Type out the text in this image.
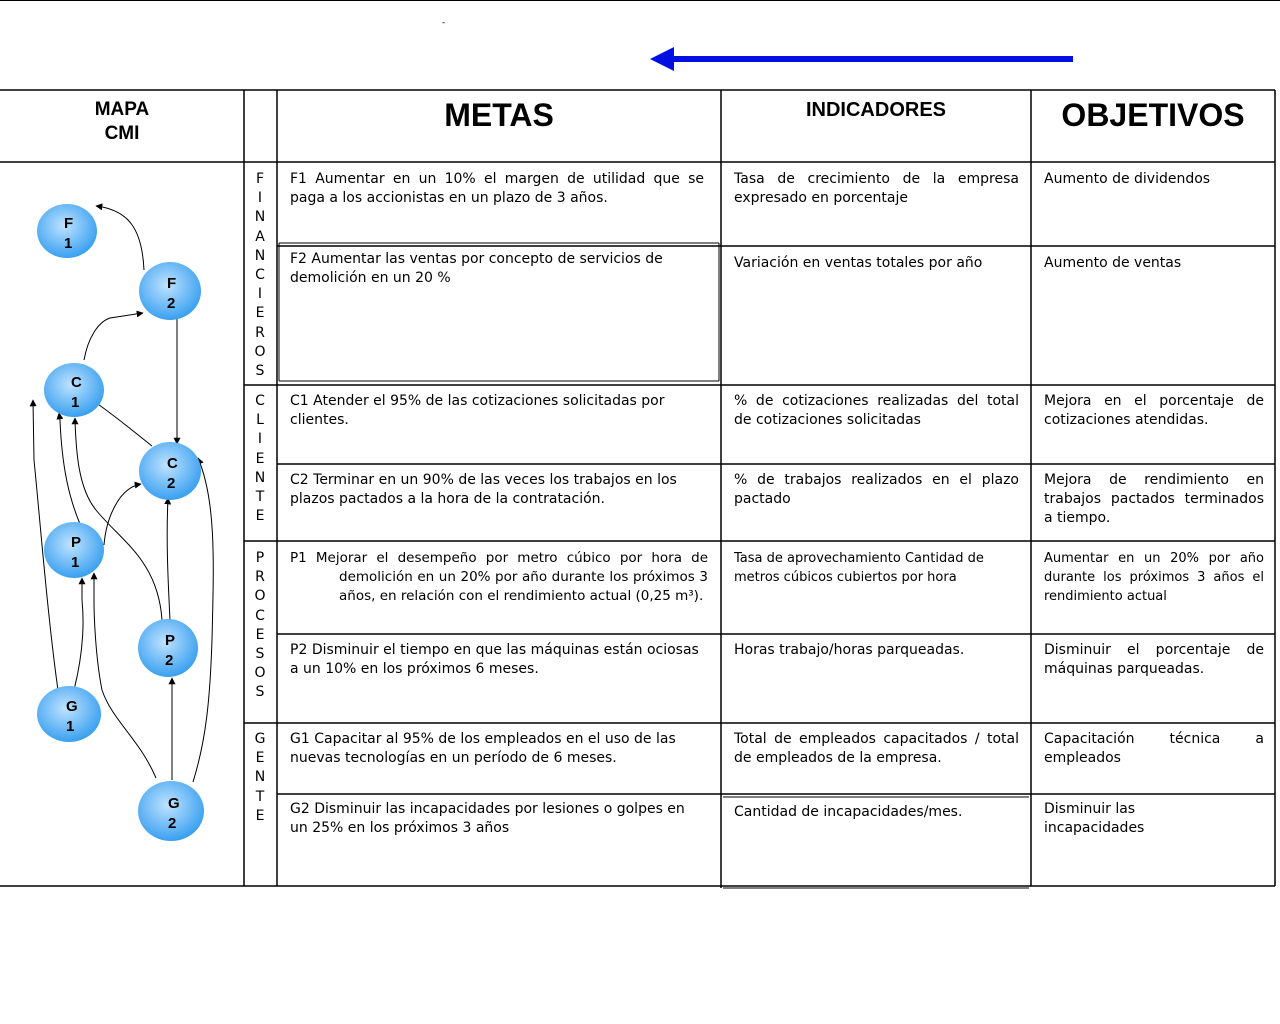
-
MAPA
CMI
METAS	INDICADORES	OBJETIVOS
F
I
N
A
N
C
I
E
R
O
S
C
L
I
E
N
T
E
P
R
O
C
E
S
O
S
G
E
N
T
E
F1 Aumentar en un 10% el margen de utilidad que se paga a los accionistas en un plazo de 3 años.
F2 Aumentar las ventas por concepto de servicios de demolición en un 20 %
C1 Atender el 95% de las cotizaciones solicitadas por clientes.
C2 Terminar en un 90% de las veces los trabajos en los plazos pactados a la hora de la contratación.
P1 Mejorar el desempeño por metro cúbico por hora de demolición en un 20% por año durante los próximos 3 años, en relación con el rendimiento actual (0,25 m³).
P2 Disminuir el tiempo en que las máquinas están ociosas a un 10% en los próximos 6 meses.
G1 Capacitar al 95% de los empleados en el uso de las nuevas tecnologías en un período de 6 meses.
G2 Disminuir las incapacidades por lesiones o golpes en un 25% en los próximos 3 años
Tasa de crecimiento de la empresa expresado en porcentaje
Variación en ventas totales por año
% de cotizaciones realizadas del total de cotizaciones solicitadas
% de trabajos realizados en el plazo pactado
Tasa de aprovechamiento Cantidad de metros cúbicos cubiertos por hora
Horas trabajo/horas parqueadas.
Total de empleados capacitados / total de empleados de la empresa.
Cantidad de incapacidades/mes.
Aumento de dividendos
Aumento de ventas
Mejora en el porcentaje de cotizaciones atendidas.
Mejora de rendimiento en trabajos pactados terminados a tiempo.
Aumentar en un 20% por año durante los próximos 3 años el rendimiento actual
Disminuir el porcentaje de máquinas parqueadas.
Capacitación técnica a empleados
Disminuir las incapacidades
F
1
F
2
C
1
C
2
P
1
P
2
G
1
G
2
